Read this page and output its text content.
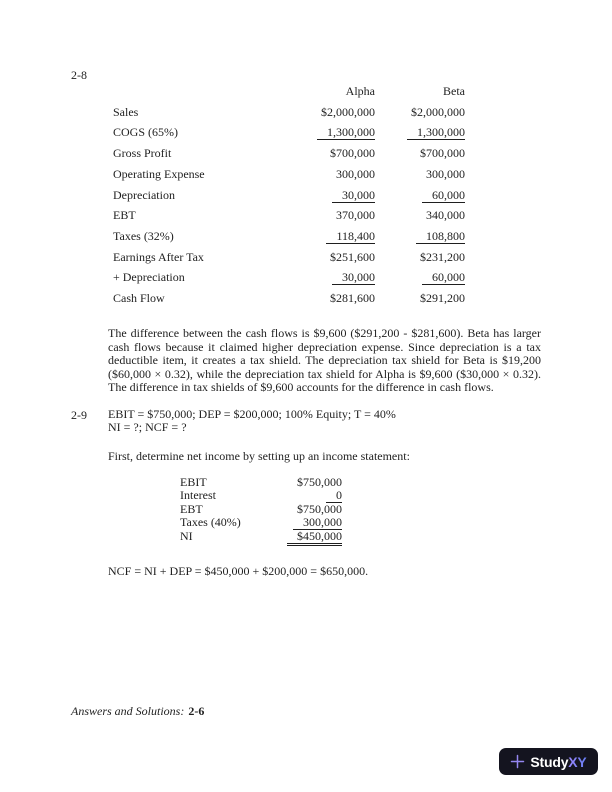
2-8
	Alpha	Beta
Sales	$2,000,000	$2,000,000
COGS (65%)	1,300,000	1,300,000
Gross Profit	$700,000	$700,000
Operating Expense	300,000	300,000
Depreciation	30,000	60,000
EBT	370,000	340,000
Taxes (32%)	118,400	108,800
Earnings After Tax	$251,600	$231,200
+ Depreciation	30,000	60,000
Cash Flow	$281,600	$291,200
The difference between the cash flows is $9,600 ($291,200 - $281,600). Beta has larger cash flows because it claimed higher depreciation expense. Since depreciation is a tax deductible item, it creates a tax shield. The depreciation tax shield for Beta is $19,200 ($60,000 × 0.32), while the depreciation tax shield for Alpha is $9,600 ($30,000 × 0.32). The difference in tax shields of $9,600 accounts for the difference in cash flows.
2-9 EBIT = $750,000; DEP = $200,000; 100% Equity; T = 40%
NI = ?; NCF = ?
First, determine net income by setting up an income statement:
EBIT	$750,000
Interest	0
EBT	$750,000
Taxes (40%)	300,000
NI	$450,000
NCF = NI + DEP = $450,000 + $200,000 = $650,000.
Answers and Solutions: 2-6
StudyXY
